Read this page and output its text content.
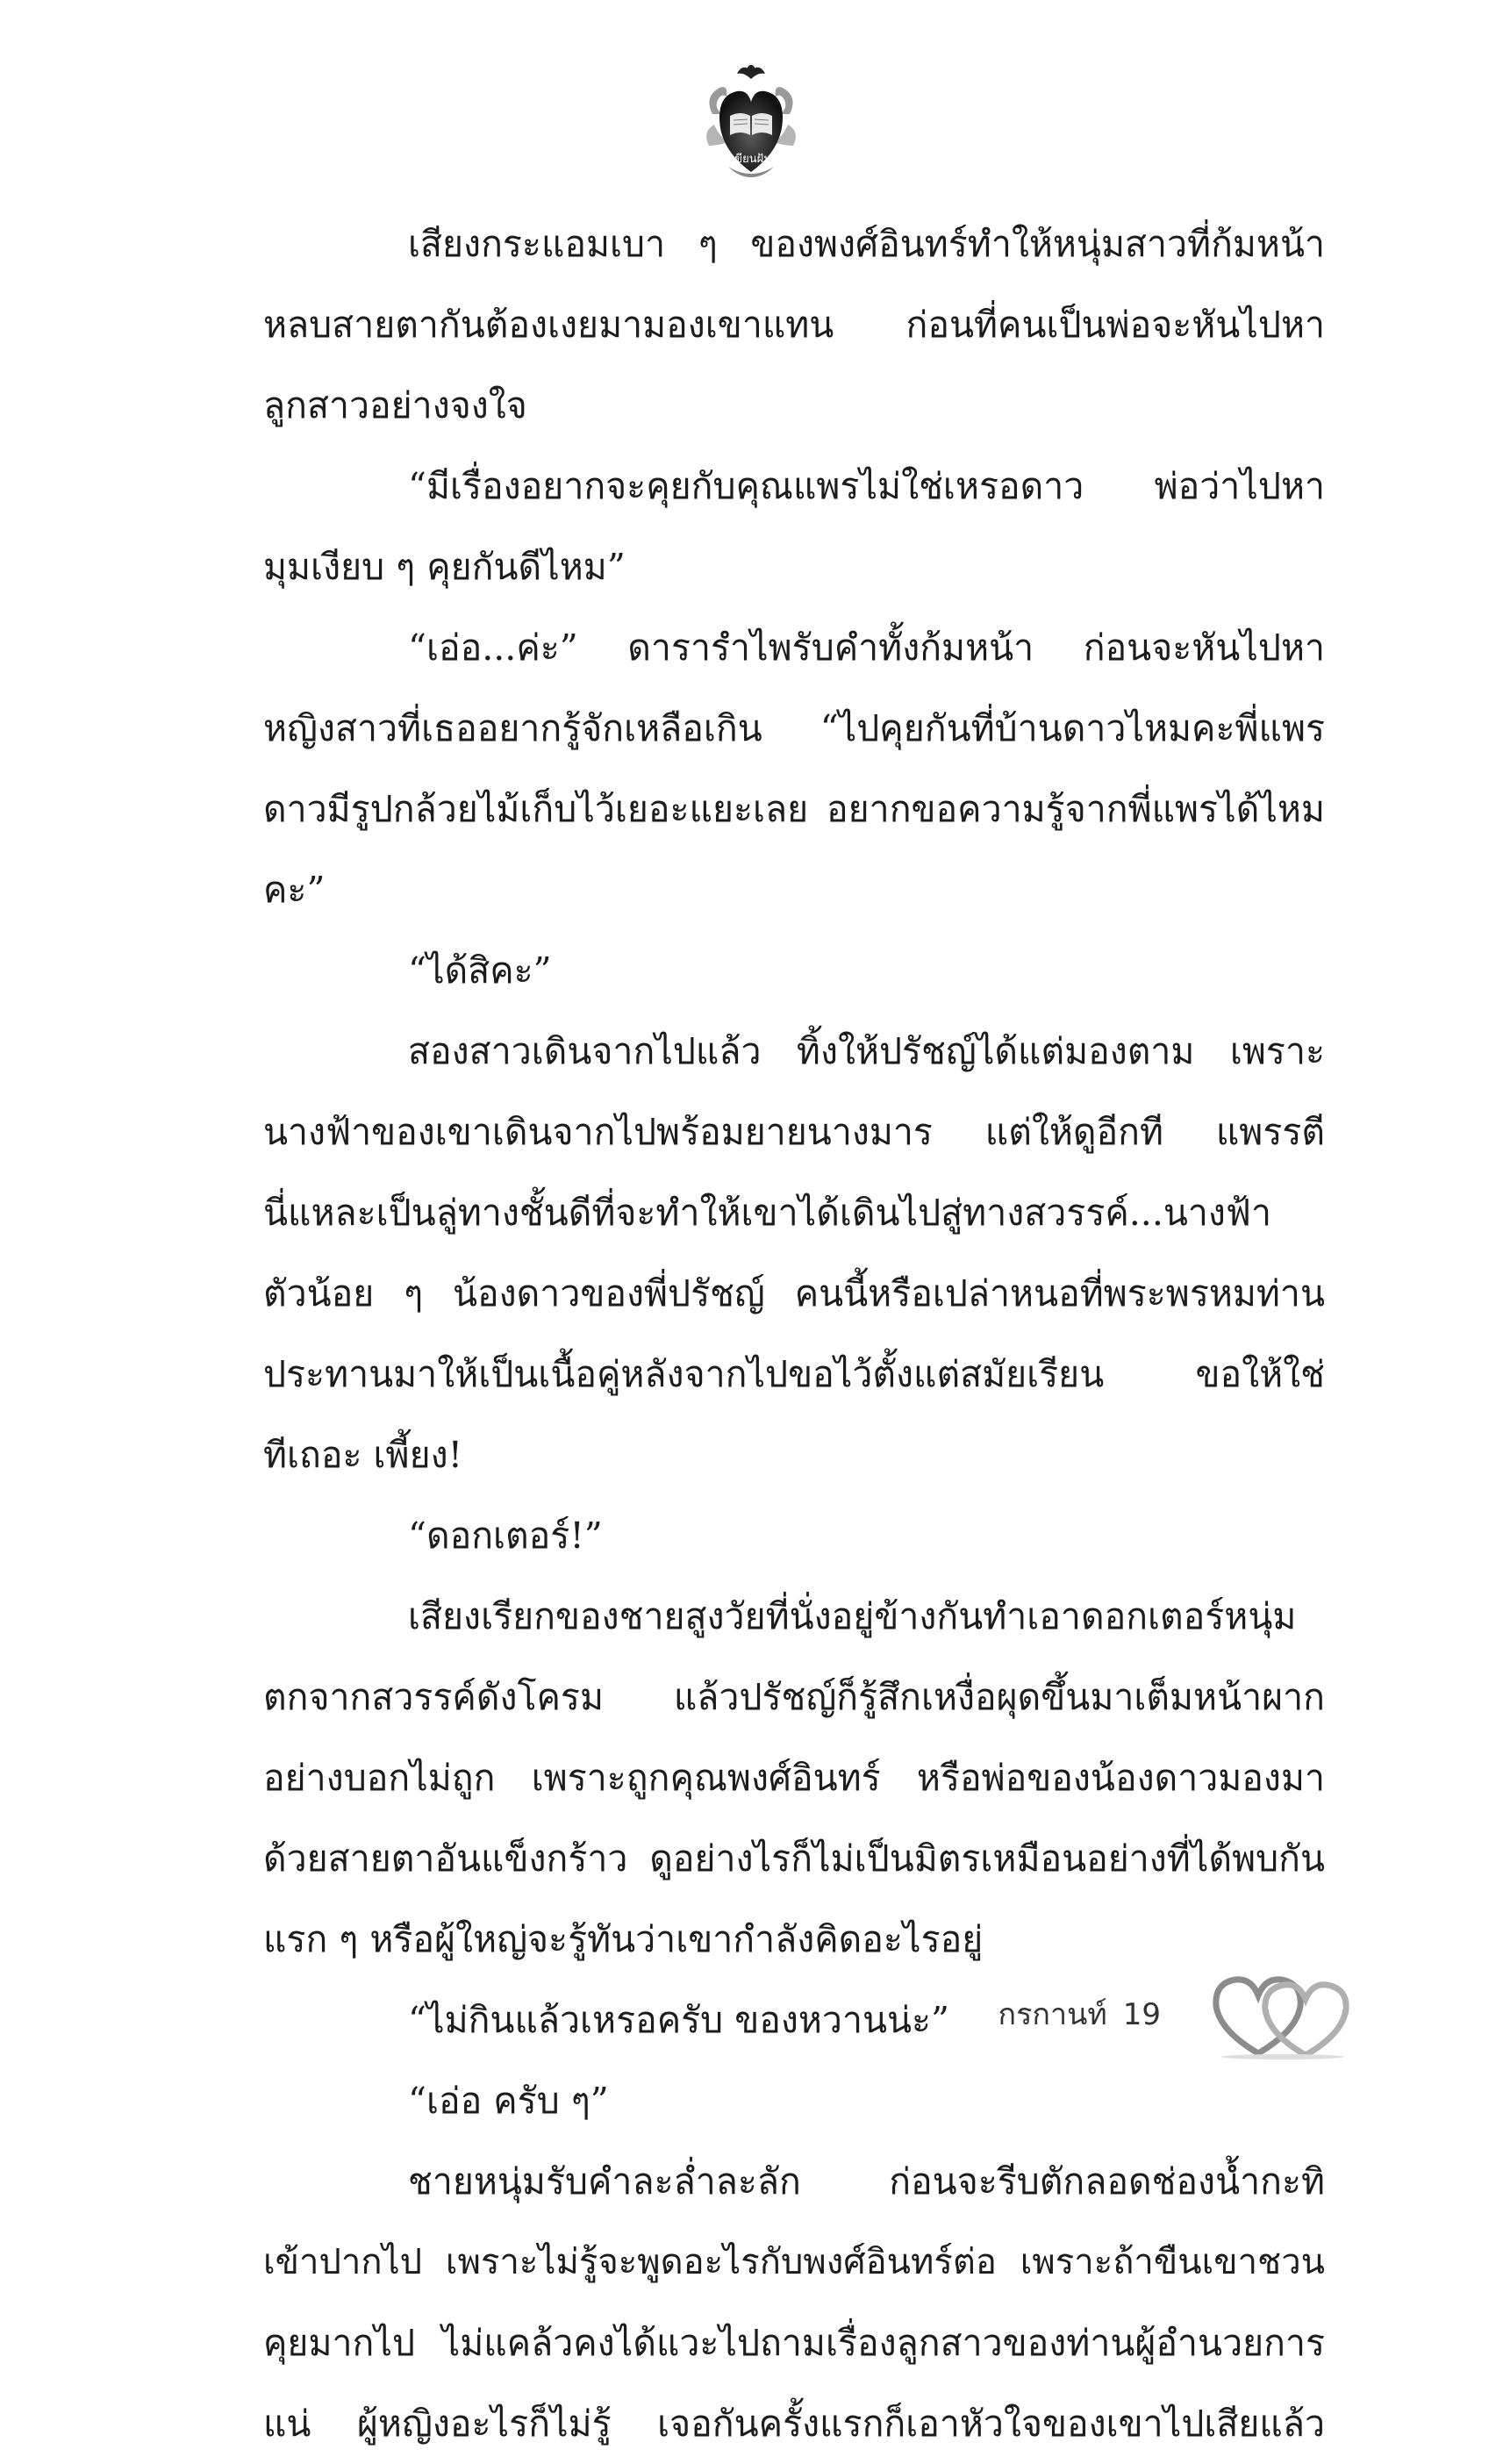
เขียนฝัน
เสียงกระแอมเบา ๆ ของพงศ์อินทร์ทำให้หนุ่มสาวที่ก้มหน้า
หลบสายตากันต้องเงยมามองเขาแทน ก่อนที่คนเป็นพ่อจะหันไปหา
ลูกสาวอย่างจงใจ
“มีเรื่องอยากจะคุยกับคุณแพรไม่ใช่เหรอดาว พ่อว่าไปหา
มุมเงียบ ๆ คุยกันดีไหม”
“เอ่อ...ค่ะ” ดารารำไพรับคำทั้งก้มหน้า ก่อนจะหันไปหา
หญิงสาวที่เธออยากรู้จักเหลือเกิน “ไปคุยกันที่บ้านดาวไหมคะพี่แพร
ดาวมีรูปกล้วยไม้เก็บไว้เยอะแยะเลย อยากขอความรู้จากพี่แพรได้ไหม
คะ”
“ได้สิคะ”
สองสาวเดินจากไปแล้ว ทิ้งให้ปรัชญ์ได้แต่มองตาม เพราะ
นางฟ้าของเขาเดินจากไปพร้อมยายนางมาร แต่ให้ดูอีกที แพรรตี
นี่แหละเป็นลู่ทางชั้นดีที่จะทำให้เขาได้เดินไปสู่ทางสวรรค์...นางฟ้า
ตัวน้อย ๆ น้องดาวของพี่ปรัชญ์ คนนี้หรือเปล่าหนอที่พระพรหมท่าน
ประทานมาให้เป็นเนื้อคู่หลังจากไปขอไว้ตั้งแต่สมัยเรียน ขอให้ใช่
ทีเถอะ เพี้ยง!
“ดอกเตอร์!”
เสียงเรียกของชายสูงวัยที่นั่งอยู่ข้างกันทำเอาดอกเตอร์หนุ่ม
ตกจากสวรรค์ดังโครม แล้วปรัชญ์ก็รู้สึกเหงื่อผุดขึ้นมาเต็มหน้าผาก
อย่างบอกไม่ถูก เพราะถูกคุณพงศ์อินทร์ หรือพ่อของน้องดาวมองมา
ด้วยสายตาอันแข็งกร้าว ดูอย่างไรก็ไม่เป็นมิตรเหมือนอย่างที่ได้พบกัน
แรก ๆ หรือผู้ใหญ่จะรู้ทันว่าเขากำลังคิดอะไรอยู่
“ไม่กินแล้วเหรอครับ ของหวานน่ะ”
“เอ่อ ครับ ๆ”
ชายหนุ่มรับคำละล่ำละลัก ก่อนจะรีบตักลอดช่องน้ำกะทิ
เข้าปากไป เพราะไม่รู้จะพูดอะไรกับพงศ์อินทร์ต่อ เพราะถ้าขืนเขาชวน
คุยมากไป ไม่แคล้วคงได้แวะไปถามเรื่องลูกสาวของท่านผู้อำนวยการ
แน่ ผู้หญิงอะไรก็ไม่รู้ เจอกันครั้งแรกก็เอาหัวใจของเขาไปเสียแล้ว
กรกานท์ 19
